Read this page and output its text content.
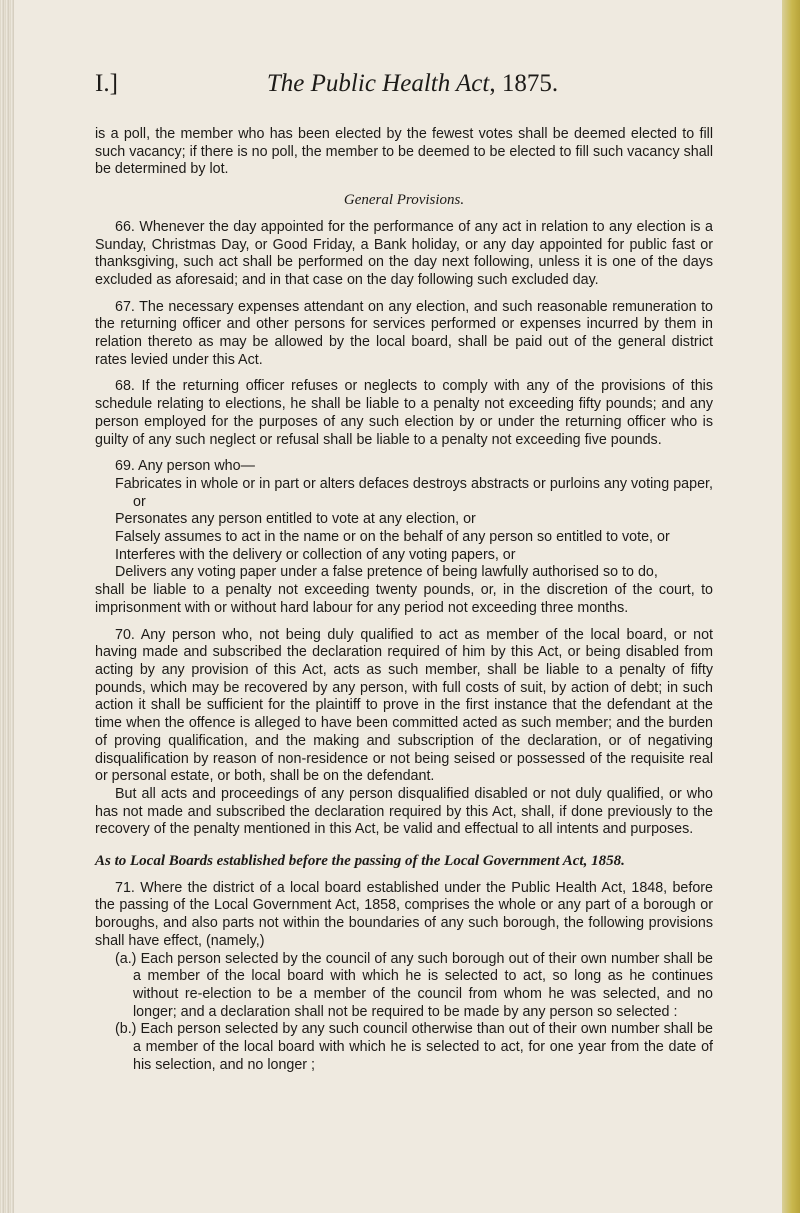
I.]	The Public Health Act, 1875.

is a poll, the member who has been elected by the fewest votes shall be deemed elected to fill such vacancy; if there is no poll, the member to be deemed to be elected to fill such vacancy shall be determined by lot.

General Provisions.

66. Whenever the day appointed for the performance of any act in relation to any election is a Sunday, Christmas Day, or Good Friday, a Bank holiday, or any day appointed for public fast or thanksgiving, such act shall be performed on the day next following, unless it is one of the days excluded as aforesaid; and in that case on the day following such excluded day.

67. The necessary expenses attendant on any election, and such reasonable remuneration to the returning officer and other persons for services performed or expenses incurred by them in relation thereto as may be allowed by the local board, shall be paid out of the general district rates levied under this Act.

68. If the returning officer refuses or neglects to comply with any of the provisions of this schedule relating to elections, he shall be liable to a penalty not exceeding fifty pounds; and any person employed for the purposes of any such election by or under the returning officer who is guilty of any such neglect or refusal shall be liable to a penalty not exceeding five pounds.

69. Any person who—

Fabricates in whole or in part or alters defaces destroys abstracts or purloins any voting paper, or

Personates any person entitled to vote at any election, or

Falsely assumes to act in the name or on the behalf of any person so entitled to vote, or

Interferes with the delivery or collection of any voting papers, or

Delivers any voting paper under a false pretence of being lawfully authorised so to do,

shall be liable to a penalty not exceeding twenty pounds, or, in the discretion of the court, to imprisonment with or without hard labour for any period not exceeding three months.

70. Any person who, not being duly qualified to act as member of the local board, or not having made and subscribed the declaration required of him by this Act, or being disabled from acting by any provision of this Act, acts as such member, shall be liable to a penalty of fifty pounds, which may be recovered by any person, with full costs of suit, by action of debt; in such action it shall be sufficient for the plaintiff to prove in the first instance that the defendant at the time when the offence is alleged to have been committed acted as such member; and the burden of proving qualification, and the making and subscription of the declaration, or of negativing disqualification by reason of non-residence or not being seised or possessed of the requisite real or personal estate, or both, shall be on the defendant.

But all acts and proceedings of any person disqualified disabled or not duly qualified, or who has not made and subscribed the declaration required by this Act, shall, if done previously to the recovery of the penalty mentioned in this Act, be valid and effectual to all intents and purposes.

As to Local Boards established before the passing of the Local Government Act, 1858.

71. Where the district of a local board established under the Public Health Act, 1848, before the passing of the Local Government Act, 1858, comprises the whole or any part of a borough or boroughs, and also parts not within the boundaries of any such borough, the following provisions shall have effect, (namely,)

(a.) Each person selected by the council of any such borough out of their own number shall be a member of the local board with which he is selected to act, so long as he continues without re-election to be a member of the council from whom he was selected, and no longer; and a declaration shall not be required to be made by any person so selected :

(b.) Each person selected by any such council otherwise than out of their own number shall be a member of the local board with which he is selected to act, for one year from the date of his selection, and no longer ;
